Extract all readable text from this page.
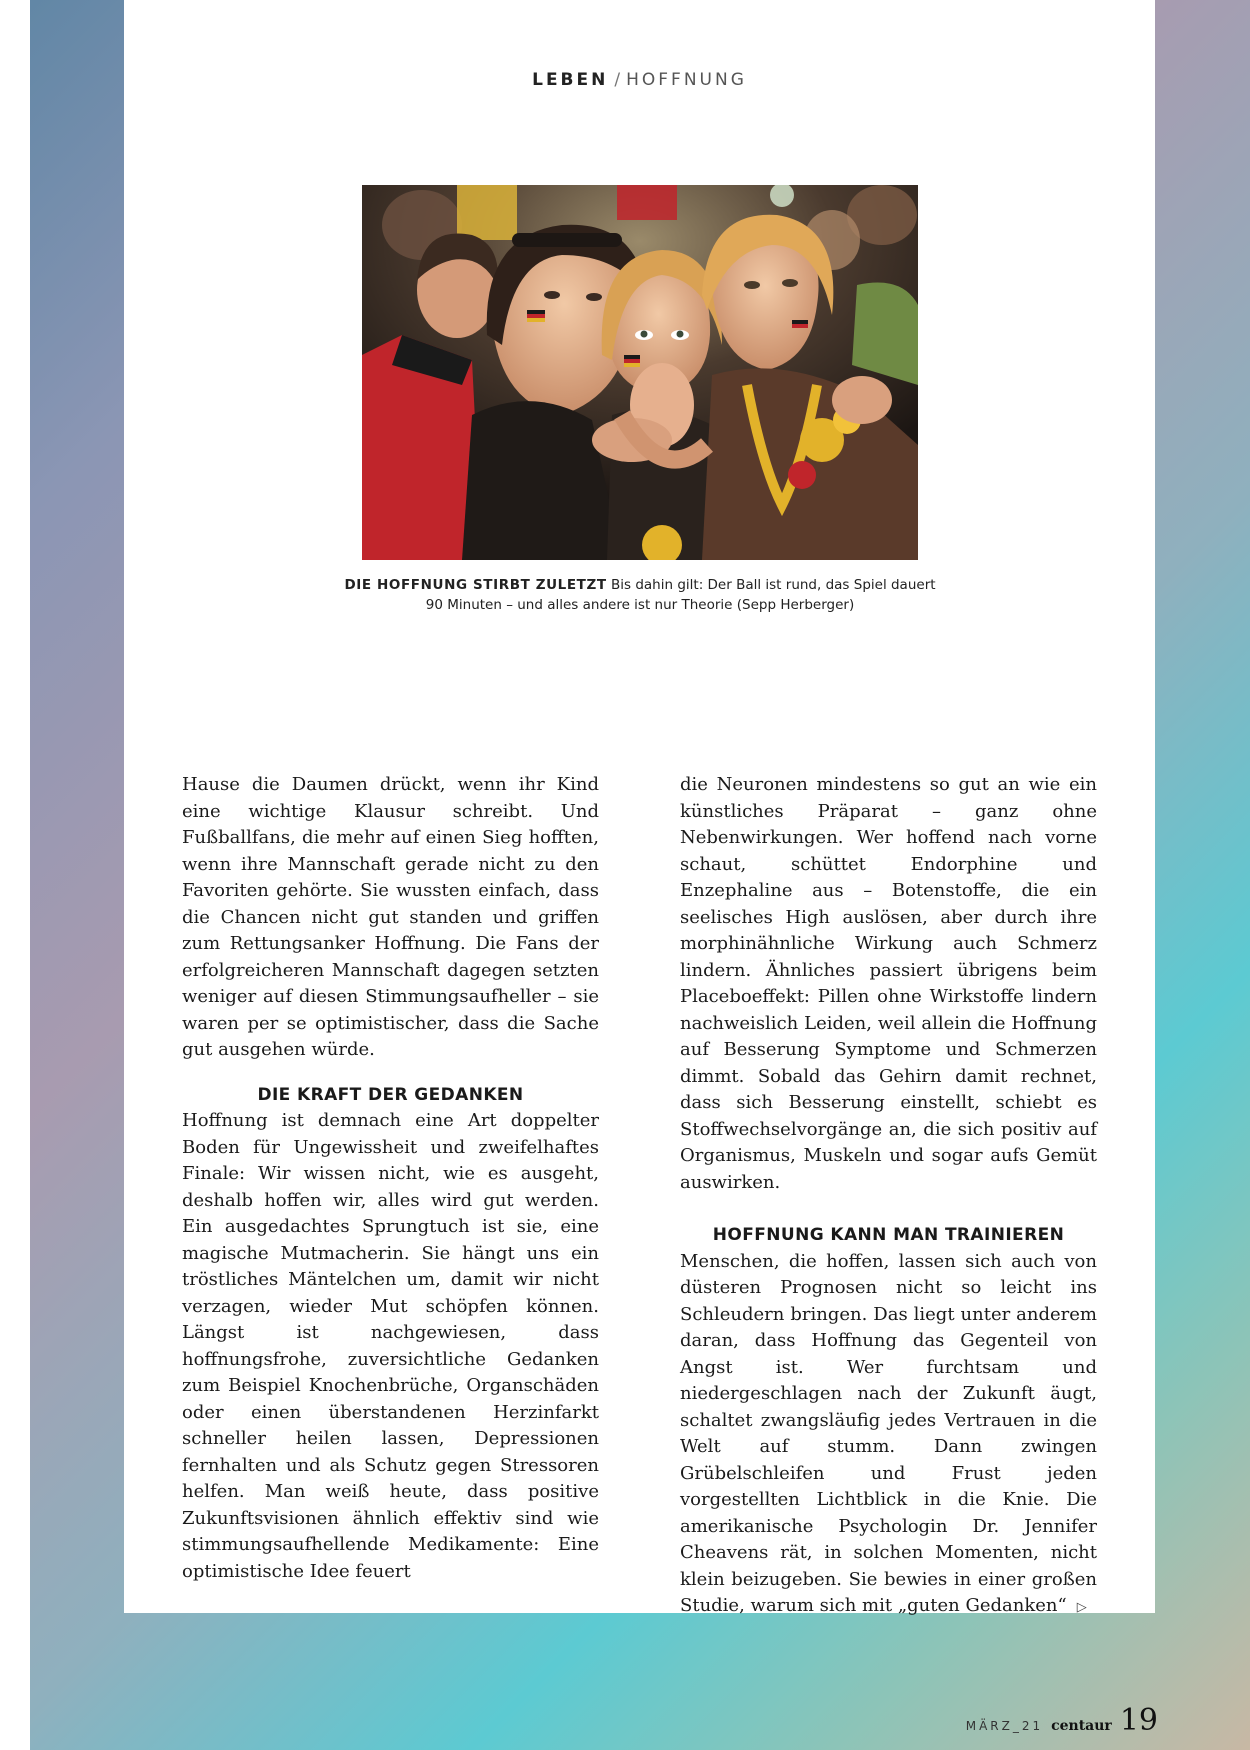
LEBEN / HOFFNUNG
DIE HOFFNUNG STIRBT ZULETZT Bis dahin gilt: Der Ball ist rund, das Spiel dauert 90 Minuten – und alles andere ist nur Theorie (Sepp Herberger)

Hause die Daumen drückt, wenn ihr Kind eine wichtige Klausur schreibt. Und Fußballfans, die mehr auf einen Sieg hofften, wenn ihre Mannschaft gerade nicht zu den Favoriten gehörte. Sie wussten einfach, dass die Chancen nicht gut standen und griffen zum Rettungsanker Hoffnung. Die Fans der erfolgreicheren Mannschaft dagegen setzten weniger auf diesen Stimmungsaufheller – sie waren per se optimistischer, dass die Sache gut ausgehen würde.

DIE KRAFT DER GEDANKEN

Hoffnung ist demnach eine Art doppelter Boden für Ungewissheit und zweifelhaftes Finale: Wir wissen nicht, wie es ausgeht, deshalb hoffen wir, alles wird gut werden. Ein ausgedachtes Sprungtuch ist sie, eine magische Mutmacherin. Sie hängt uns ein tröstliches Mäntelchen um, damit wir nicht verzagen, wieder Mut schöpfen können. Längst ist nachgewiesen, dass hoffnungsfrohe, zuversichtliche Gedanken zum Beispiel Knochenbrüche, Organschäden oder einen überstandenen Herzinfarkt schneller heilen lassen, Depressionen fernhalten und als Schutz gegen Stressoren helfen. Man weiß heute, dass positive Zukunftsvisionen ähnlich effektiv sind wie stimmungsaufhellende Medikamente: Eine optimistische Idee feuert

die Neuronen mindestens so gut an wie ein künstliches Präparat – ganz ohne Nebenwirkungen. Wer hoffend nach vorne schaut, schüttet Endorphine und Enzephaline aus – Botenstoffe, die ein seelisches High auslösen, aber durch ihre morphinähnliche Wirkung auch Schmerz lindern. Ähnliches passiert übrigens beim Placeboeffekt: Pillen ohne Wirkstoffe lindern nachweislich Leiden, weil allein die Hoffnung auf Besserung Symptome und Schmerzen dimmt. Sobald das Gehirn damit rechnet, dass sich Besserung einstellt, schiebt es Stoffwechselvorgänge an, die sich positiv auf Organismus, Muskeln und sogar aufs Gemüt auswirken.

HOFFNUNG KANN MAN TRAINIEREN

Menschen, die hoffen, lassen sich auch von düsteren Prognosen nicht so leicht ins Schleudern bringen. Das liegt unter anderem daran, dass Hoffnung das Gegenteil von Angst ist. Wer furchtsam und niedergeschlagen nach der Zukunft äugt, schaltet zwangsläufig jedes Vertrauen in die Welt auf stumm. Dann zwingen Grübelschleifen und Frust jeden vorgestellten Lichtblick in die Knie. Die amerikanische Psychologin Dr. Jennifer Cheavens rät, in solchen Momenten, nicht klein beizugeben. Sie bewies in einer großen Studie, warum sich mit „guten Gedanken“ ▷

MÄRZ_21 centaur 19
